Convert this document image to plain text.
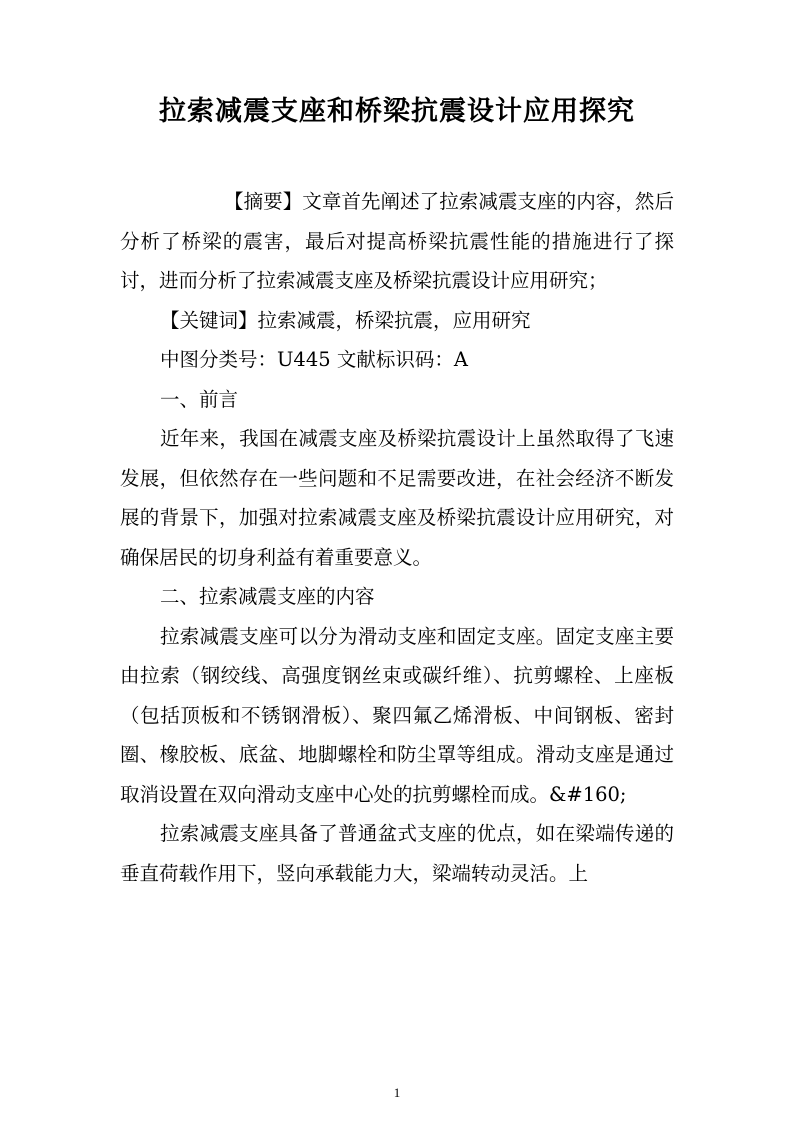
拉索减震支座和桥梁抗震设计应用探究

【摘要】文章首先阐述了拉索减震支座的内容，然后分析了桥梁的震害，最后对提高桥梁抗震性能的措施进行了探讨，进而分析了拉索减震支座及桥梁抗震设计应用研究；

【关键词】拉索减震，桥梁抗震，应用研究

中图分类号：U445 文献标识码：A

一、前言

近年来，我国在减震支座及桥梁抗震设计上虽然取得了飞速发展，但依然存在一些问题和不足需要改进，在社会经济不断发展的背景下，加强对拉索减震支座及桥梁抗震设计应用研究，对确保居民的切身利益有着重要意义。

二、拉索减震支座的内容

拉索减震支座可以分为滑动支座和固定支座。固定支座主要由拉索（钢绞线、高强度钢丝束或碳纤维）、抗剪螺栓、上座板（包括顶板和不锈钢滑板）、聚四氟乙烯滑板、中间钢板、密封圈、橡胶板、底盆、地脚螺栓和防尘罩等组成。滑动支座是通过取消设置在双向滑动支座中心处的抗剪螺栓而成。&#160;

拉索减震支座具备了普通盆式支座的优点，如在梁端传递的垂直荷载作用下，竖向承载能力大，梁端转动灵活。上

1
